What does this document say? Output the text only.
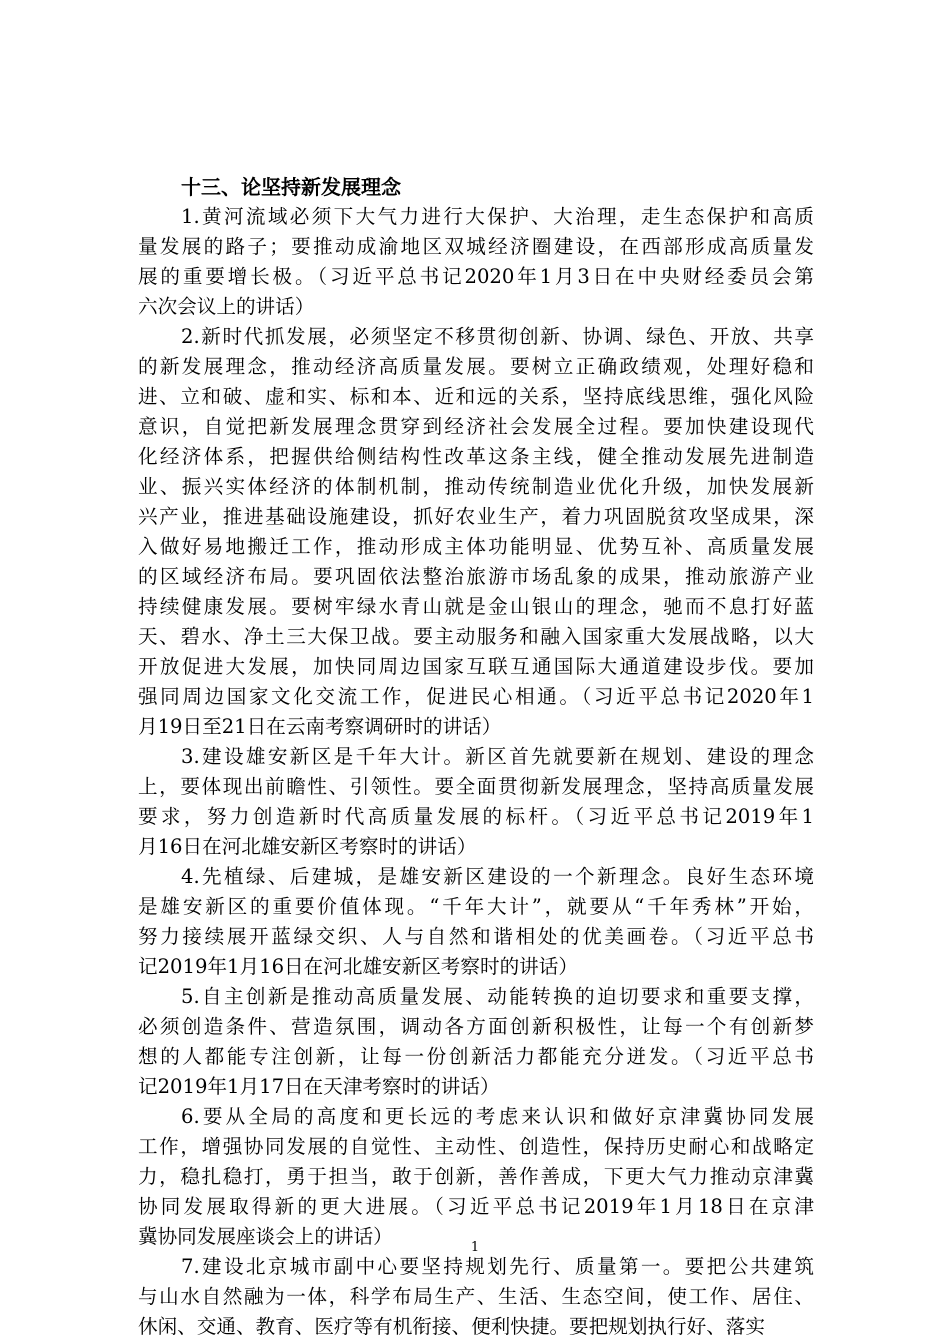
十三、论坚持新发展理念
1.黄河流域必须下大气力进行大保护、大治理，走生态保护和高质
量发展的路子；要推动成渝地区双城经济圈建设，在西部形成高质量发
展的重要增长极。（习近平总书记2020年1月3日在中央财经委员会第
六次会议上的讲话）
2.新时代抓发展，必须坚定不移贯彻创新、协调、绿色、开放、共享
的新发展理念，推动经济高质量发展。要树立正确政绩观，处理好稳和
进、立和破、虚和实、标和本、近和远的关系，坚持底线思维，强化风险
意识，自觉把新发展理念贯穿到经济社会发展全过程。要加快建设现代
化经济体系，把握供给侧结构性改革这条主线，健全推动发展先进制造
业、振兴实体经济的体制机制，推动传统制造业优化升级，加快发展新
兴产业，推进基础设施建设，抓好农业生产，着力巩固脱贫攻坚成果，深
入做好易地搬迁工作，推动形成主体功能明显、优势互补、高质量发展
的区域经济布局。要巩固依法整治旅游市场乱象的成果，推动旅游产业
持续健康发展。要树牢绿水青山就是金山银山的理念，驰而不息打好蓝
天、碧水、净土三大保卫战。要主动服务和融入国家重大发展战略，以大
开放促进大发展，加快同周边国家互联互通国际大通道建设步伐。要加
强同周边国家文化交流工作，促进民心相通。（习近平总书记2020年1
月19日至21日在云南考察调研时的讲话）
3.建设雄安新区是千年大计。新区首先就要新在规划、建设的理念
上，要体现出前瞻性、引领性。要全面贯彻新发展理念，坚持高质量发展
要求，努力创造新时代高质量发展的标杆。（习近平总书记2019年1
月16日在河北雄安新区考察时的讲话）
4.先植绿、后建城，是雄安新区建设的一个新理念。良好生态环境
是雄安新区的重要价值体现。“千年大计”，就要从“千年秀林”开始，
努力接续展开蓝绿交织、人与自然和谐相处的优美画卷。（习近平总书
记2019年1月16日在河北雄安新区考察时的讲话）
5.自主创新是推动高质量发展、动能转换的迫切要求和重要支撑，
必须创造条件、营造氛围，调动各方面创新积极性，让每一个有创新梦
想的人都能专注创新，让每一份创新活力都能充分迸发。（习近平总书
记2019年1月17日在天津考察时的讲话）
6.要从全局的高度和更长远的考虑来认识和做好京津冀协同发展
工作，增强协同发展的自觉性、主动性、创造性，保持历史耐心和战略定
力，稳扎稳打，勇于担当，敢于创新，善作善成，下更大气力推动京津冀
协同发展取得新的更大进展。（习近平总书记2019年1月18日在京津
冀协同发展座谈会上的讲话）
7.建设北京城市副中心要坚持规划先行、质量第一。要把公共建筑
与山水自然融为一体，科学布局生产、生活、生态空间，使工作、居住、
休闲、交通、教育、医疗等有机衔接、便利快捷。要把规划执行好、落实
1
